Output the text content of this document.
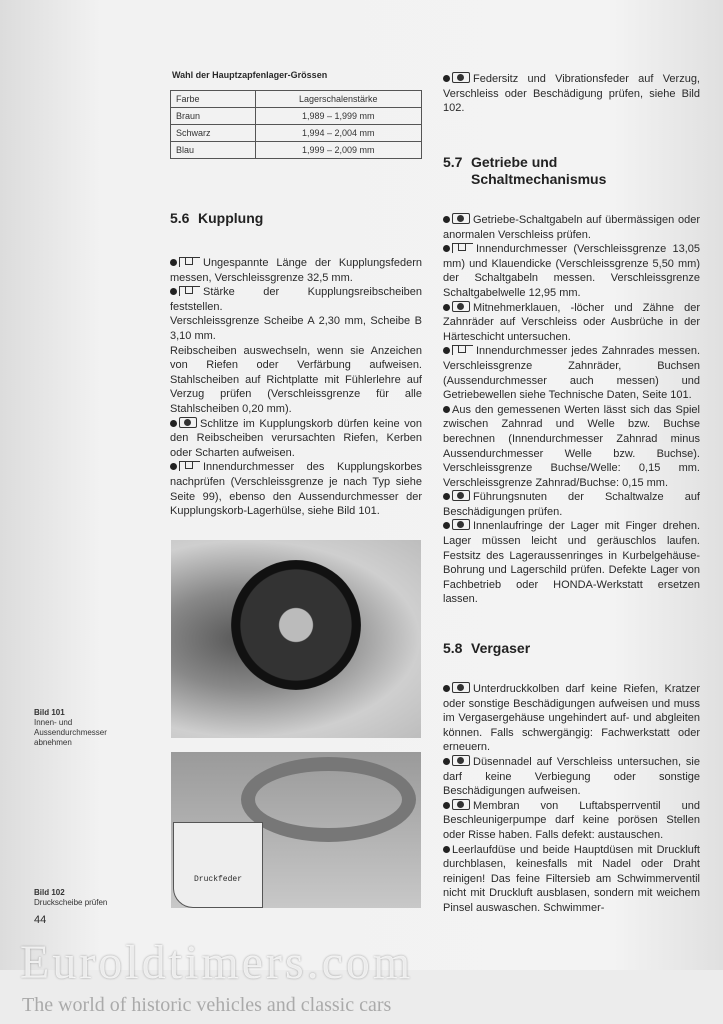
Wahl der Hauptzapfenlager-Grössen
Farbe	Lagerschalenstärke
Braun	1,989 – 1,999 mm
Schwarz	1,994 – 2,004 mm
Blau	1,999 – 2,009 mm
5.6 Kupplung

Ungespannte Länge der Kupplungsfedern messen, Verschleissgrenze 32,5 mm.

Stärke der Kupplungsreibscheiben feststellen.

Verschleissgrenze Scheibe A 2,30 mm, Scheibe B 3,10 mm.

Reibscheiben auswechseln, wenn sie Anzeichen von Riefen oder Verfärbung aufweisen. Stahlscheiben auf Richtplatte mit Fühlerlehre auf Verzug prüfen (Verschleissgrenze für alle Stahlscheiben 0,20 mm).

Schlitze im Kupplungskorb dürfen keine von den Reibscheiben verursachten Riefen, Kerben oder Scharten aufweisen.

Innendurchmesser des Kupplungskorbes nachprüfen (Verschleissgrenze je nach Typ siehe Seite 99), ebenso den Aussendurchmesser der Kupplungskorb-Lagerhülse, siehe Bild 101.

Druckfeder
Bild 101
Innen- und Aussendurchmesser abnehmen
Bild 102
Druckscheibe prüfen

Federsitz und Vibrationsfeder auf Verzug, Verschleiss oder Beschädigung prüfen, siehe Bild 102.

5.7 Getriebe und
Schaltmechanismus

Getriebe-Schaltgabeln auf übermässigen oder anormalen Verschleiss prüfen.

Innendurchmesser (Verschleissgrenze 13,05 mm) und Klauendicke (Verschleissgrenze 5,50 mm) der Schaltgabeln messen. Verschleissgrenze Schaltgabelwelle 12,95 mm.

Mitnehmerklauen, -löcher und Zähne der Zahnräder auf Verschleiss oder Ausbrüche in der Härteschicht untersuchen.

Innendurchmesser jedes Zahnrades messen. Verschleissgrenze Zahnräder, Buchsen (Aussendurchmesser auch messen) und Getriebewellen siehe Technische Daten, Seite 101.

Aus den gemessenen Werten lässt sich das Spiel zwischen Zahnrad und Welle bzw. Buchse berechnen (Innendurchmesser Zahnrad minus Aussendurchmesser Welle bzw. Buchse). Verschleissgrenze Buchse/Welle: 0,15 mm. Verschleissgrenze Zahnrad/Buchse: 0,15 mm.

Führungsnuten der Schaltwalze auf Beschädigungen prüfen.

Innenlaufringe der Lager mit Finger drehen. Lager müssen leicht und geräuschlos laufen. Festsitz des Lageraussenringes in Kurbelgehäuse-Bohrung und Lagerschild prüfen. Defekte Lager von Fachbetrieb oder HONDA-Werkstatt ersetzen lassen.

5.8 Vergaser

Unterdruckkolben darf keine Riefen, Kratzer oder sonstige Beschädigungen aufweisen und muss im Vergasergehäuse ungehindert auf- und abgleiten können. Falls schwergängig: Fachwerkstatt oder erneuern.

Düsennadel auf Verschleiss untersuchen, sie darf keine Verbiegung oder sonstige Beschädigungen aufweisen.

Membran von Luftabsperrventil und Beschleunigerpumpe darf keine porösen Stellen oder Risse haben. Falls defekt: austauschen.

Leerlaufdüse und beide Hauptdüsen mit Druckluft durchblasen, keinesfalls mit Nadel oder Draht reinigen! Das feine Filtersieb am Schwimmerventil nicht mit Druckluft ausblasen, sondern mit weichem Pinsel auswaschen. Schwimmer-

44
Euroldtimers.com
The world of historic vehicles and classic cars
